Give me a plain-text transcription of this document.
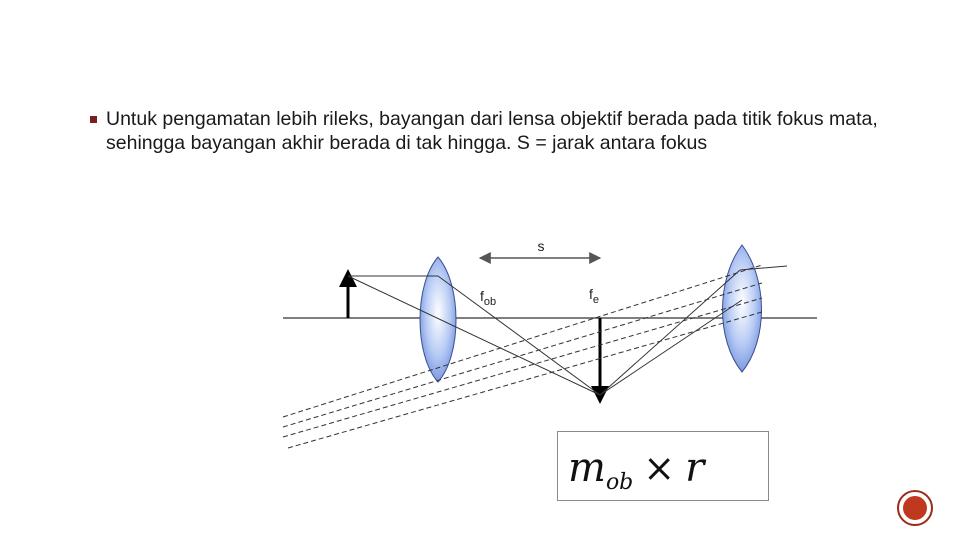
Untuk pengamatan lebih rileks, bayangan dari lensa objektif berada pada titik fokus mata, sehingga bayangan akhir berada di tak hingga. S = jarak antara fokus
s
$f_{ob}$	$f_e$
$m_{ob} \times r$
